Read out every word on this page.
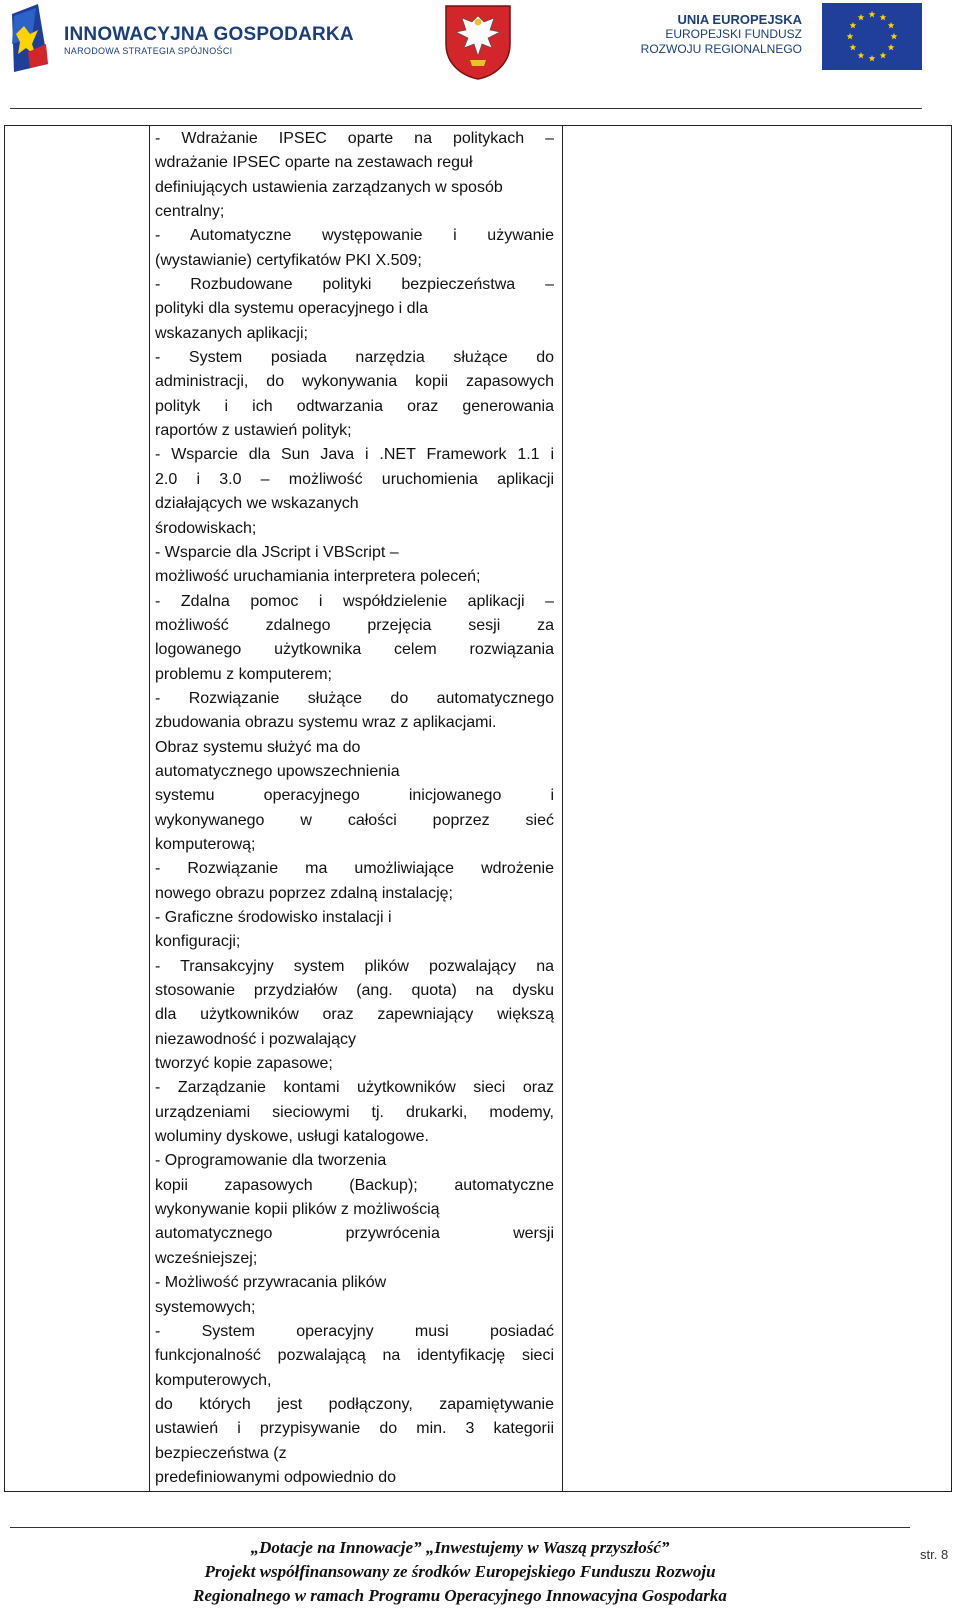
INNOWACYJNA GOSPODARKA
NARODOWA STRATEGIA SPÓJNOŚCI
UNIA EUROPEJSKA
EUROPEJSKI FUNDUSZ
ROZWOJU REGIONALNEGO
- Wdrażanie IPSEC oparte na politykach –
wdrażanie IPSEC oparte na zestawach reguł
definiujących ustawienia zarządzanych w sposób
centralny;
- Automatyczne występowanie i używanie
(wystawianie) certyfikatów PKI X.509;
- Rozbudowane polityki bezpieczeństwa –
polityki dla systemu operacyjnego i dla
wskazanych aplikacji;
- System posiada narzędzia służące do
administracji, do wykonywania kopii zapasowych
polityk i ich odtwarzania oraz generowania
raportów z ustawień polityk;
- Wsparcie dla Sun Java i .NET Framework 1.1 i
2.0 i 3.0 – możliwość uruchomienia aplikacji
działających we wskazanych
środowiskach;
- Wsparcie dla JScript i VBScript –
możliwość uruchamiania interpretera poleceń;
- Zdalna pomoc i współdzielenie aplikacji –
możliwość zdalnego przejęcia sesji za
logowanego użytkownika celem rozwiązania
problemu z komputerem;
- Rozwiązanie służące do automatycznego
zbudowania obrazu systemu wraz z aplikacjami.
Obraz systemu służyć ma do
automatycznego upowszechnienia
systemu operacyjnego inicjowanego i
wykonywanego w całości poprzez sieć
komputerową;
- Rozwiązanie ma umożliwiające wdrożenie
nowego obrazu poprzez zdalną instalację;
- Graficzne środowisko instalacji i
konfiguracji;
- Transakcyjny system plików pozwalający na
stosowanie przydziałów (ang. quota) na dysku
dla użytkowników oraz zapewniający większą
niezawodność i pozwalający
tworzyć kopie zapasowe;
- Zarządzanie kontami użytkowników sieci oraz
urządzeniami sieciowymi tj. drukarki, modemy,
woluminy dyskowe, usługi katalogowe.
- Oprogramowanie dla tworzenia
kopii zapasowych (Backup); automatyczne
wykonywanie kopii plików z możliwością
automatycznego przywrócenia wersji
wcześniejszej;
- Możliwość przywracania plików
systemowych;
- System operacyjny musi posiadać
funkcjonalność pozwalającą na identyfikację sieci
komputerowych,
do których jest podłączony, zapamiętywanie
ustawień i przypisywanie do min. 3 kategorii
bezpieczeństwa (z
predefiniowanymi odpowiednio do
„Dotacje na Innowacje” „Inwestujemy w Waszą przyszłość”
Projekt współfinansowany ze środków Europejskiego Funduszu Rozwoju
Regionalnego w ramach Programu Operacyjnego Innowacyjna Gospodarka
str. 8
